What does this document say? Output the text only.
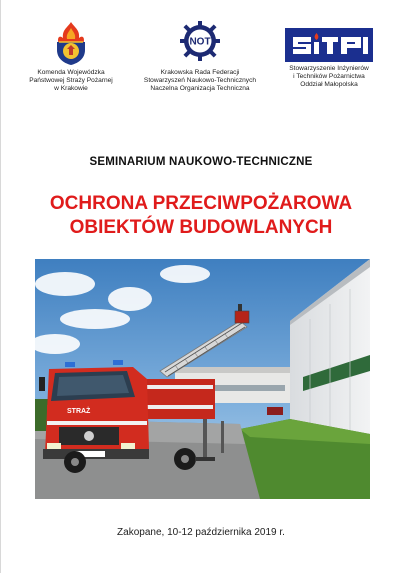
Komenda Wojewódzka
Państwowej Straży Pożarnej
w Krakowie
NOT
Krakowska Rada Federacji
Stowarzyszeń Naukowo-Technicznych
Naczelna Organizacja Techniczna
Stowarzyszenie Inżynierów
i Techników Pożarnictwa
Oddział Małopolska
SEMINARIUM NAUKOWO-TECHNICZNE
OCHRONA PRZECIWPOŻAROWA
OBIEKTÓW BUDOWLANYCH
STRAŻ
Zakopane, 10-12 października 2019 r.
